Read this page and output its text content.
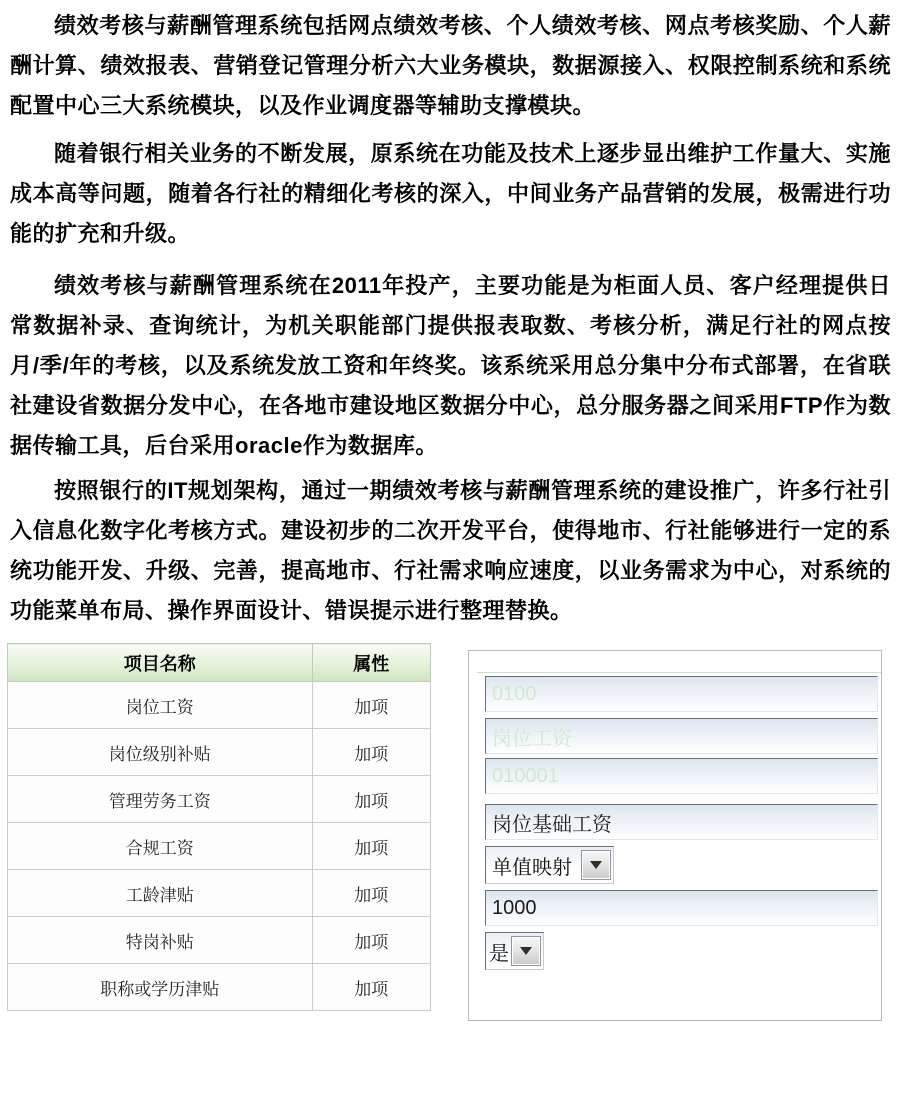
绩效考核与薪酬管理系统包括网点绩效考核、个人绩效考核、网点考核奖励、个人薪酬计算、绩效报表、营销登记管理分析六大业务模块，数据源接入、权限控制系统和系统配置中心三大系统模块，以及作业调度器等辅助支撑模块。

随着银行相关业务的不断发展，原系统在功能及技术上逐步显出维护工作量大、实施成本高等问题，随着各行社的精细化考核的深入，中间业务产品营销的发展，极需进行功能的扩充和升级。

绩效考核与薪酬管理系统在2011年投产，主要功能是为柜面人员、客户经理提供日常数据补录、查询统计，为机关职能部门提供报表取数、考核分析，满足行社的网点按月/季/年的考核，以及系统发放工资和年终奖。该系统采用总分集中分布式部署，在省联社建设省数据分发中心，在各地市建设地区数据分中心，总分服务器之间采用FTP作为数据传输工具，后台采用oracle作为数据库。

按照银行的IT规划架构，通过一期绩效考核与薪酬管理系统的建设推广，许多行社引入信息化数字化考核方式。建设初步的二次开发平台，使得地市、行社能够进行一定的系统功能开发、升级、完善，提高地市、行社需求响应速度，以业务需求为中心，对系统的功能菜单布局、操作界面设计、错误提示进行整理替换。

项目名称	属性
岗位工资	加项
岗位级别补贴	加项
管理劳务工资	加项
合规工资	加项
工龄津贴	加项
特岗补贴	加项
职称或学历津贴	加项
0100
岗位工资
010001
岗位基础工资
单值映射
1000
是
